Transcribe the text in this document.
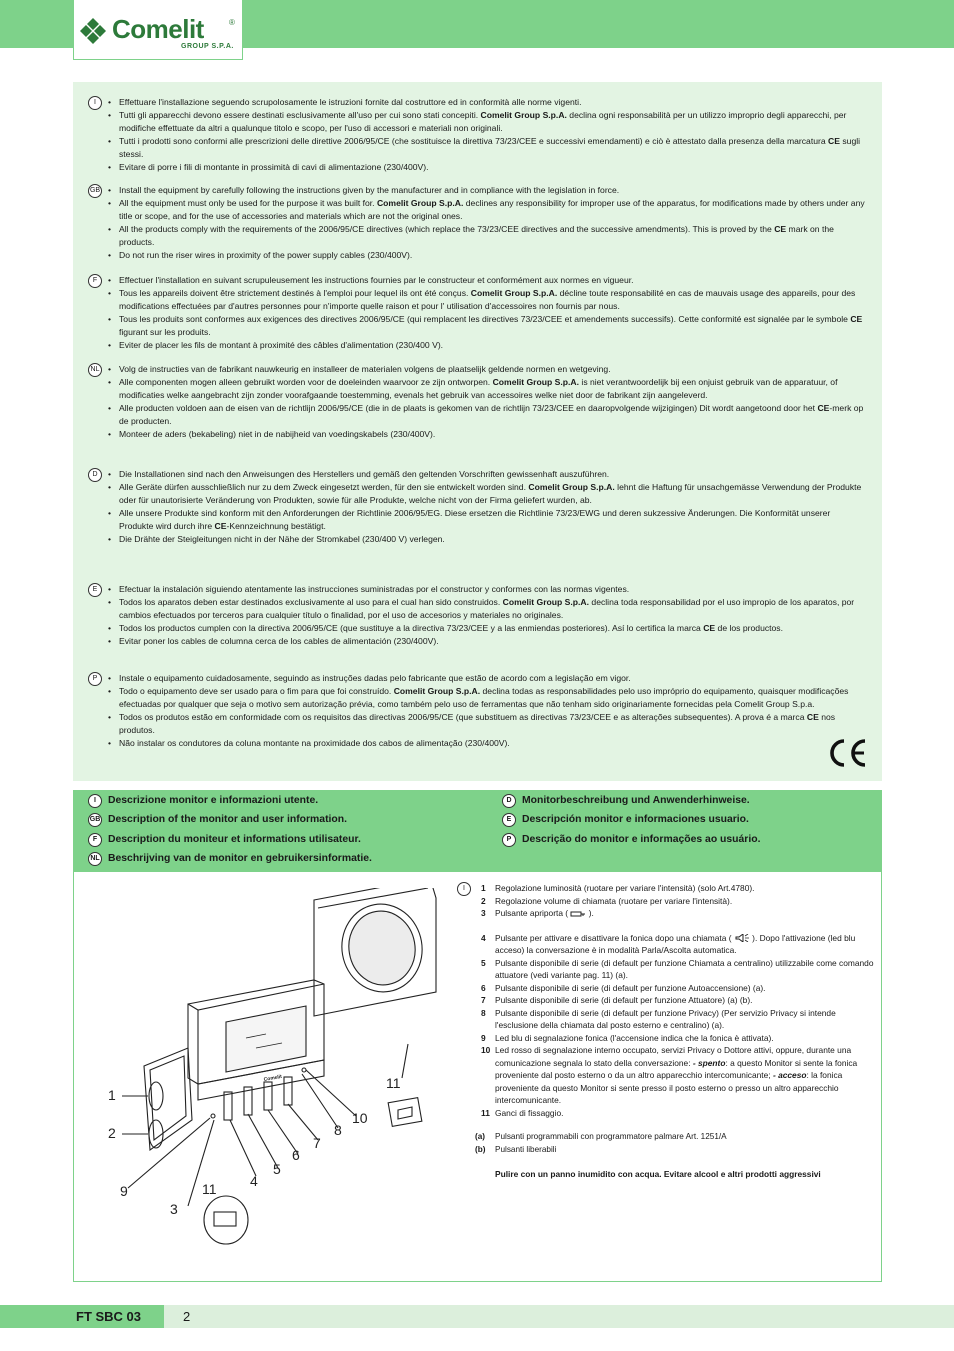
Comelit	®
GROUP S.P.A.
I	• Effettuare l'installazione seguendo scrupolosamente le istruzioni fornite dal costruttore ed in conformità alle norme vigenti.
• Tutti gli apparecchi devono essere destinati esclusivamente all'uso per cui sono stati concepiti. Comelit Group S.p.A. declina ogni responsabilità per un utilizzo improprio degli apparecchi, per modifiche effettuate da altri a qualunque titolo e scopo, per l'uso di accessori e materiali non originali.
• Tutti i prodotti sono conformi alle prescrizioni delle direttive 2006/95/CE (che sostituisce la direttiva 73/23/CEE e successivi emendamenti) e ciò è attestato dalla presenza della marcatura CE sugli stessi.
• Evitare di porre i fili di montante in prossimità di cavi di alimentazione (230/400V).
GB	• Install the equipment by carefully following the instructions given by the manufacturer and in compliance with the legislation in force.
• All the equipment must only be used for the purpose it was built for. Comelit Group S.p.A. declines any responsibility for improper use of the apparatus, for modifications made by others under any title or scope, and for the use of accessories and materials which are not the original ones.
• All the products comply with the requirements of the 2006/95/CE directives (which replace the 73/23/CEE directives and the successive amendments). This is proved by the CE mark on the products.
• Do not run the riser wires in proximity of the power supply cables (230/400V).
F	• Effectuer l'installation en suivant scrupuleusement les instructions fournies par le constructeur et conformément aux normes en vigueur.
• Tous les appareils doivent être strictement destinés à l'emploi pour lequel ils ont été conçus. Comelit Group S.p.A. décline toute responsabilité en cas de mauvais usage des appareils, pour des modifications effectuées par d'autres personnes pour n'importe quelle raison et pour l' utilisation d'accessoires non fournis par nous.
• Tous les produits sont conformes aux exigences des directives 2006/95/CE (qui remplacent les directives 73/23/CEE et amendements successifs). Cette conformité est signalée par le symbole CE figurant sur les produits.
• Eviter de placer les fils de montant à proximité des câbles d'alimentation (230/400 V).
NL	• Volg de instructies van de fabrikant nauwkeurig en installeer de materialen volgens de plaatselijk geldende normen en wetgeving.
• Alle componenten mogen alleen gebruikt worden voor de doeleinden waarvoor ze zijn ontworpen. Comelit Group S.p.A. is niet verantwoordelijk bij een onjuist gebruik van de apparatuur, of modificaties welke aangebracht zijn zonder voorafgaande toestemming, evenals het gebruik van accessoires welke niet door de fabrikant zijn aangeleverd.
• Alle producten voldoen aan de eisen van de richtlijn 2006/95/CE (die in de plaats is gekomen van de richtlijn 73/23/CEE en daaropvolgende wijzigingen) Dit wordt aangetoond door het CE-merk op de producten.
• Monteer de aders (bekabeling) niet in de nabijheid van voedingskabels (230/400V).
D	• Die Installationen sind nach den Anweisungen des Herstellers und gemäß den geltenden Vorschriften gewissenhaft auszuführen.
• Alle Geräte dürfen ausschließlich nur zu dem Zweck eingesetzt werden, für den sie entwickelt worden sind. Comelit Group S.p.A. lehnt die Haftung für unsachgemässe Verwendung der Produkte oder für unautorisierte Veränderung von Produkten, sowie für alle Produkte, welche nicht von der Firma geliefert wurden, ab.
• Alle unsere Produkte sind konform mit den Anforderungen der Richtlinie 2006/95/EG. Diese ersetzen die Richtlinie 73/23/EWG und deren sukzessive Änderungen. Die Konformität unserer Produkte wird durch ihre CE-Kennzeichnung bestätigt.
• Die Drähte der Steigleitungen nicht in der Nähe der Stromkabel (230/400 V) verlegen.
E	• Efectuar la instalación siguiendo atentamente las instrucciones suministradas por el constructor y conformes con las normas vigentes.
• Todos los aparatos deben estar destinados exclusivamente al uso para el cual han sido construidos. Comelit Group S.p.A. declina toda responsabilidad por el uso impropio de los aparatos, por cambios efectuados por terceros para cualquier título o finalidad, por el uso de accesorios y materiales no originales.
• Todos los productos cumplen con la directiva 2006/95/CE (que sustituye a la directiva 73/23/CEE y a las enmiendas posteriores). Así lo certifica la marca CE de los productos.
• Evitar poner los cables de columna cerca de los cables de alimentación (230/400V).
P	• Instale o equipamento cuidadosamente, seguindo as instruções dadas pelo fabricante que estão de acordo com a legislação em vigor.
• Todo o equipamento deve ser usado para o fim para que foi construído. Comelit Group S.p.A. declina todas as responsabilidades pelo uso impróprio do equipamento, quaisquer modificações efectuadas por qualquer que seja o motivo sem autorização prévia, como também pelo uso de ferramentas que não tenham sido originariamente fornecidas pela Comelit Group S.p.a.
• Todos os produtos estão em conformidade com os requisitos das directivas 2006/95/CE (que substituem as directivas 73/23/CEE e as alterações subsequentes). A prova é a marca CE nos produtos.
• Não instalar os condutores da coluna montante na proximidade dos cabos de alimentação (230/400V).
I	Descrizione monitor e informazioni utente.
GB Description of the monitor and user information.
F	Description du moniteur et informations utilisateur.
NL Beschrijving van de monitor en gebruikersinformatie.
D	Monitorbeschreibung und Anwenderhinweise.
E	Descripción monitor e informaciones usuario.
P	Descrição do monitor e informações ao usuário.
1
2
3
4
5
6
7
8
9
10
11
11
Comelit
I	1 Regolazione luminosità (ruotare per variare l'intensità) (solo Art.4780).
2 Regolazione volume di chiamata (ruotare per variare l'intensità).
3 Pulsante apriporta (  ).
4 Pulsante per attivare e disattivare la fonica dopo una chiamata (  ). Dopo l'attivazione (led blu acceso) la conversazione è in modalità Parla/Ascolta automatica.
5 Pulsante disponibile di serie (di default per funzione Chiamata a centralino) utilizzabile come comando attuatore (vedi variante pag. 11) (a).
6 Pulsante disponibile di serie (di default per funzione Autoaccensione) (a).
7 Pulsante disponibile di serie (di default per funzione Attuatore) (a) (b).
8 Pulsante disponibile di serie (di default per funzione Privacy) (Per servizio Privacy si intende l'esclusione della chiamata dal posto esterno e centralino) (a).
9 Led blu di segnalazione fonica (l'accensione indica che la fonica è attivata).
10 Led rosso di segnalazione interno occupato, servizi Privacy o Dottore attivi, oppure, durante una comunicazione segnala lo stato della conversazione: - spento: a questo Monitor si sente la fonica proveniente dal posto esterno o da un altro apparecchio intercomunicante; - acceso: la fonica proveniente da questo Monitor si sente presso il posto esterno o presso un altro apparecchio intercomunicante.
11 Ganci di fissaggio.
(a) Pulsanti programmabili con programmatore palmare Art. 1251/A
(b) Pulsanti liberabili
Pulire con un panno inumidito con acqua. Evitare alcool e altri prodotti aggressivi
FT SBC 03	2
